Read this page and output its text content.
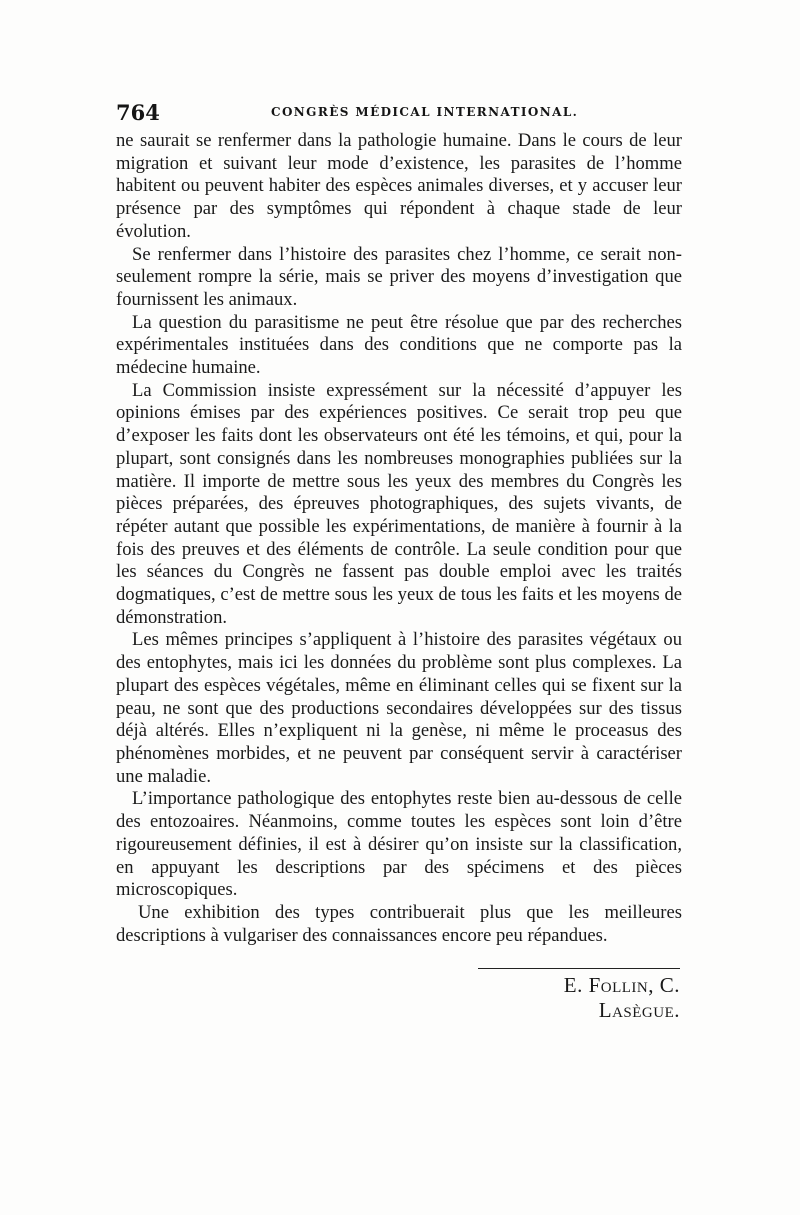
764	CONGRÈS MÉDICAL INTERNATIONAL.

ne saurait se renfermer dans la pathologie humaine. Dans le cours de leur migration et suivant leur mode d’existence, les parasites de l’homme habitent ou peuvent habiter des espèces animales diverses, et y accuser leur présence par des symptômes qui répondent à chaque stade de leur évolution.

Se renfermer dans l’histoire des parasites chez l’homme, ce serait non-seulement rompre la série, mais se priver des moyens d’investigation que fournissent les animaux.

La question du parasitisme ne peut être résolue que par des recherches expérimentales instituées dans des conditions que ne comporte pas la médecine humaine.

La Commission insiste expressément sur la nécessité d’appuyer les opinions émises par des expériences positives. Ce serait trop peu que d’exposer les faits dont les observateurs ont été les témoins, et qui, pour la plupart, sont consignés dans les nombreuses monographies publiées sur la matière. Il importe de mettre sous les yeux des membres du Congrès les pièces préparées, des épreuves photographiques, des sujets vivants, de répéter autant que possible les expérimentations, de manière à fournir à la fois des preuves et des éléments de contrôle. La seule condition pour que les séances du Congrès ne fassent pas double emploi avec les traités dogmatiques, c’est de mettre sous les yeux de tous les faits et les moyens de démonstration.

Les mêmes principes s’appliquent à l’histoire des parasites végétaux ou des entophytes, mais ici les données du problème sont plus complexes. La plupart des espèces végétales, même en éliminant celles qui se fixent sur la peau, ne sont que des productions secondaires développées sur des tissus déjà altérés. Elles n’expliquent ni la genèse, ni même le proceasus des phénomènes morbides, et ne peuvent par conséquent servir à caractériser une maladie.

L’importance pathologique des entophytes reste bien au-dessous de celle des entozoaires. Néanmoins, comme toutes les espèces sont loin d’être rigoureusement définies, il est à désirer qu’on insiste sur la classification, en appuyant les descriptions par des spécimens et des pièces microscopiques.

Une exhibition des types contribuerait plus que les meilleures descriptions à vulgariser des connaissances encore peu répandues.

E. Follin, C. Lasègue.
